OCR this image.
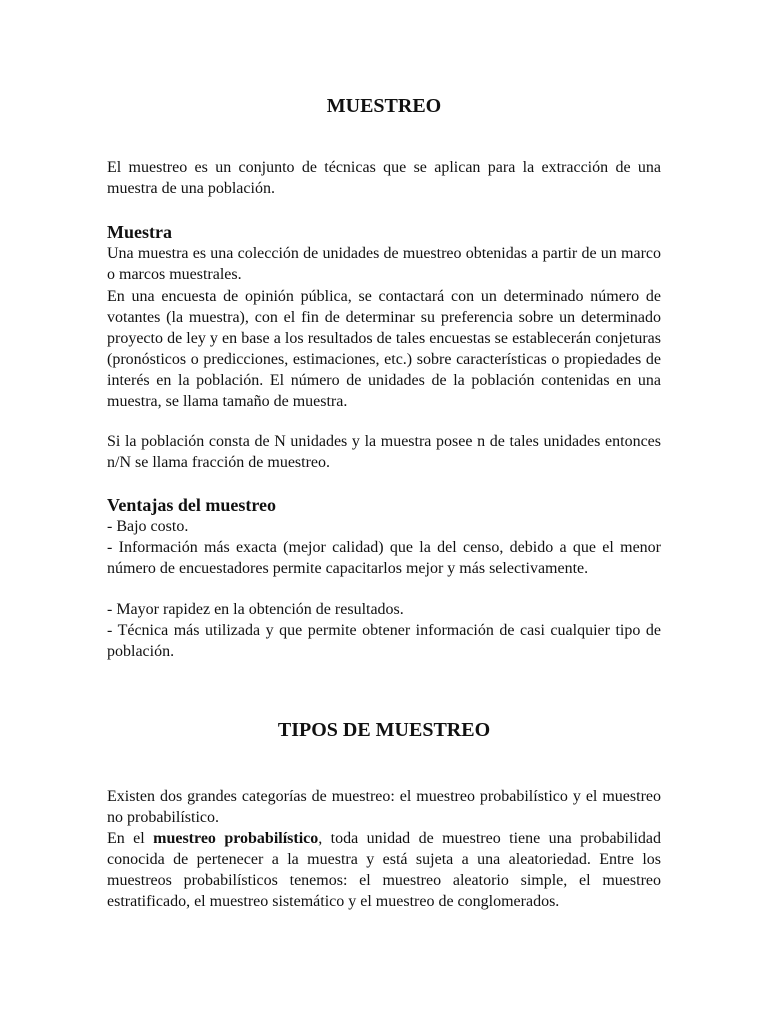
MUESTREO

El muestreo es un conjunto de técnicas que se aplican para la extracción de una muestra de una población.

Muestra

Una muestra es una colección de unidades de muestreo obtenidas a partir de un marco o marcos muestrales.

En una encuesta de opinión pública, se contactará con un determinado número de votantes (la muestra), con el fin de determinar su preferencia sobre un determinado proyecto de ley y en base a los resultados de tales encuestas se establecerán conjeturas (pronósticos o predicciones, estimaciones, etc.) sobre características o propiedades de interés en la población. El número de unidades de la población contenidas en una muestra, se llama tamaño de muestra.

Si la población consta de N unidades y la muestra posee n de tales unidades entonces n/N se llama fracción de muestreo.

Ventajas del muestreo

- Bajo costo.

- Información más exacta (mejor calidad) que la del censo, debido a que el menor número de encuestadores permite capacitarlos mejor y más selectivamente.

- Mayor rapidez en la obtención de resultados.

- Técnica más utilizada y que permite obtener información de casi cualquier tipo de población.

TIPOS DE MUESTREO

Existen dos grandes categorías de muestreo: el muestreo probabilístico y el muestreo no probabilístico.

En el muestreo probabilístico, toda unidad de muestreo tiene una probabilidad conocida de pertenecer a la muestra y está sujeta a una aleatoriedad. Entre los muestreos probabilísticos tenemos: el muestreo aleatorio simple, el muestreo estratificado, el muestreo sistemático y el muestreo de conglomerados.
